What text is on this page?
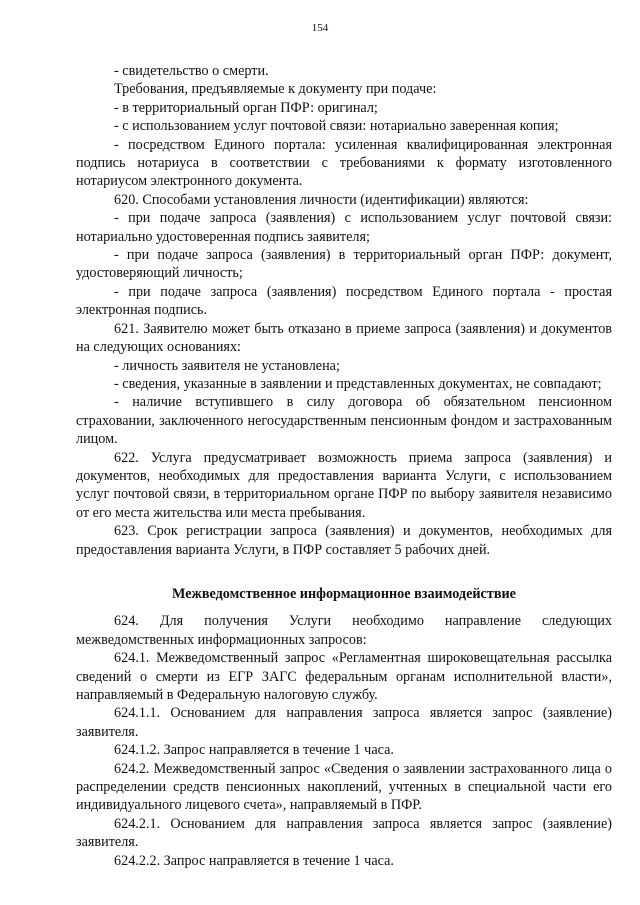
154

- свидетельство о смерти.

Требования, предъявляемые к документу при подаче:

- в территориальный орган ПФР: оригинал;

- с использованием услуг почтовой связи: нотариально заверенная копия;

- посредством Единого портала: усиленная квалифицированная электронная подпись нотариуса в соответствии с требованиями к формату изготовленного нотариусом электронного документа.

620. Способами установления личности (идентификации) являются:

- при подаче запроса (заявления) с использованием услуг почтовой связи: нотариально удостоверенная подпись заявителя;

- при подаче запроса (заявления) в территориальный орган ПФР: документ, удостоверяющий личность;

- при подаче запроса (заявления) посредством Единого портала - простая электронная подпись.

621. Заявителю может быть отказано в приеме запроса (заявления) и документов на следующих основаниях:

- личность заявителя не установлена;

- сведения, указанные в заявлении и представленных документах, не совпадают;

- наличие вступившего в силу договора об обязательном пенсионном страховании, заключенного негосударственным пенсионным фондом и застрахованным лицом.

622. Услуга предусматривает возможность приема запроса (заявления) и документов, необходимых для предоставления варианта Услуги, с использованием услуг почтовой связи, в территориальном органе ПФР по выбору заявителя независимо от его места жительства или места пребывания.

623. Срок регистрации запроса (заявления) и документов, необходимых для предоставления варианта Услуги, в ПФР составляет 5 рабочих дней.

Межведомственное информационное взаимодействие

624. Для получения Услуги необходимо направление следующих межведомственных информационных запросов:

624.1. Межведомственный запрос «Регламентная широковещательная рассылка сведений о смерти из ЕГР ЗАГС федеральным органам исполнительной власти», направляемый в Федеральную налоговую службу.

624.1.1. Основанием для направления запроса является запрос (заявление) заявителя.

624.1.2. Запрос направляется в течение 1 часа.

624.2. Межведомственный запрос «Сведения о заявлении застрахованного лица о распределении средств пенсионных накоплений, учтенных в специальной части его индивидуального лицевого счета», направляемый в ПФР.

624.2.1. Основанием для направления запроса является запрос (заявление) заявителя.

624.2.2. Запрос направляется в течение 1 часа.
